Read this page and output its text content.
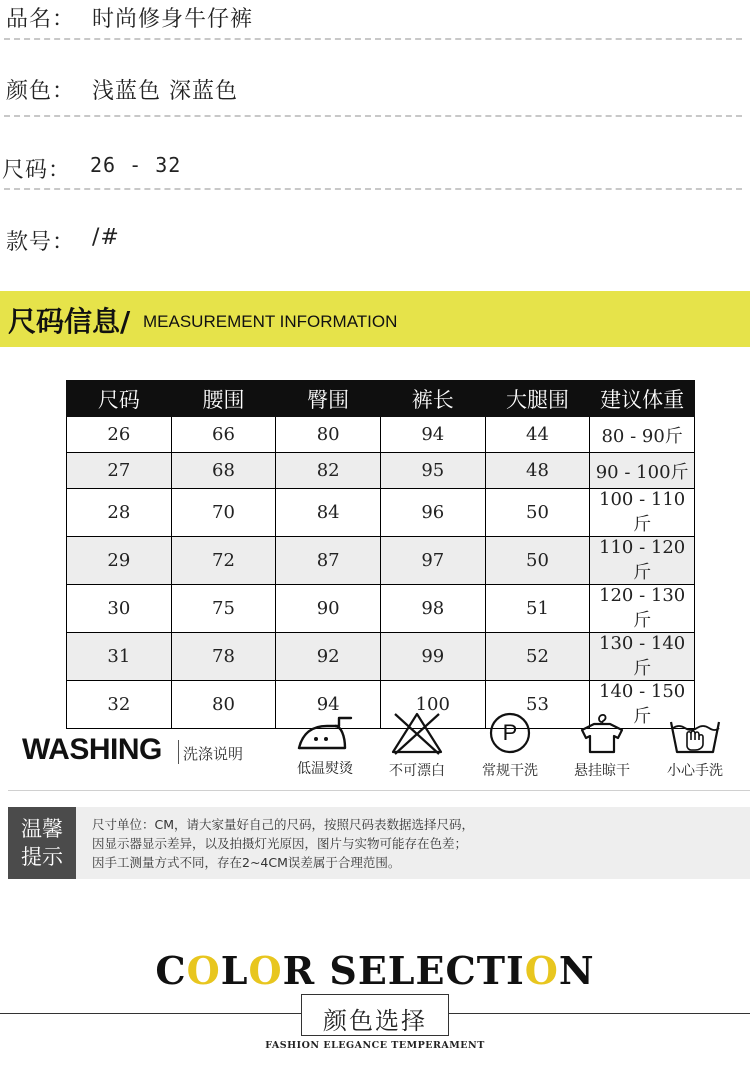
品名： 时尚修身牛仔裤
颜色： 浅蓝色 深蓝色
尺码： 26 - 32
款号： /#
尺码信息/ MEASUREMENT INFORMATION
尺码	腰围	臀围	裤长	大腿围	建议体重
26	66	80	94	44	80 - 90斤
27	68	82	95	48	90 - 100斤
28	70	84	96	50	100 - 110斤
29	72	87	97	50	110 - 120斤
30	75	90	98	51	120 - 130斤
31	78	92	99	52	130 - 140斤
32	80	94	100	53	140 - 150斤
WASHING 洗涤说明
低温熨烫	不可漂白
P
常规干洗	悬挂晾干	小心手洗
温馨
提示
尺寸单位：CM，请大家量好自己的尺码，按照尺码表数据选择尺码，
因显示器显示差异，以及拍摄灯光原因，图片与实物可能存在色差；
因手工测量方式不同，存在2~4CM误差属于合理范围。
COLOR SELECTION
颜色选择
FASHION ELEGANCE TEMPERAMENT
